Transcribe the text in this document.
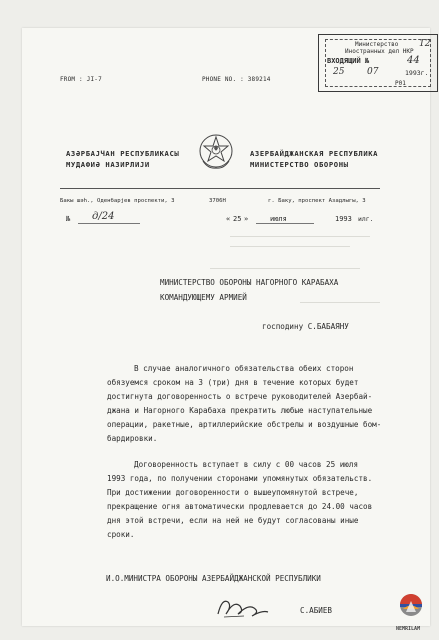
FROM : JI-7	PHONE NO. : 389214
Министерство
Иностранных дел НКР
12
ВХОДЯЩИЙ №	44
25	07	1993г.
Р01
АЗӘРБАЈЧАН РЕСПУБЛИКАСЫ
МУДАФИӘ НАЗИРЛИЈИ
АЗЕРБАЙДЖАНСКАЯ РЕСПУБЛИКА
МИНИСТЕРСТВО ОБОРОНЫ
Бакы шәһ., Оденбарјев проспекти, 3	3706Н	г. Баку, проспект Азадлыгы, 3
№ д/24	« 25 »	июля	1993 илг.
МИНИСТЕРСТВО ОБОРОНЫ НАГОРНОГО КАРАБАХА
КОМАНДУЮЩЕМУ АРМИЕЙ
господину С.БАБАЯНУ
В случае аналогичного обязательства обеих сторон
обязуемся сроком на 3 (три) дня в течение которых будет
достигнута договоренность о встрече руководителей Азербай-
джана и Нагорного Карабаха прекратить любые наступательные
операции, ракетные, артиллерийские обстрелы и воздушные бом-
бардировки.
Договоренность вступает в силу с 00 часов 25 июля
1993 года, по получении сторонами упомянутых обязательств.
При достижении договоренности о вышеупомянутой встрече,
прекращение огня автоматически продлевается до 24.00 часов
дня этой встречи, если на ней не будут согласованы иные
сроки.
И.О.МИНИСТРА ОБОРОНЫ АЗЕРБАЙДЖАНСКОЙ РЕСПУБЛИКИ
С.АБИЕВ
NEMRILAM
